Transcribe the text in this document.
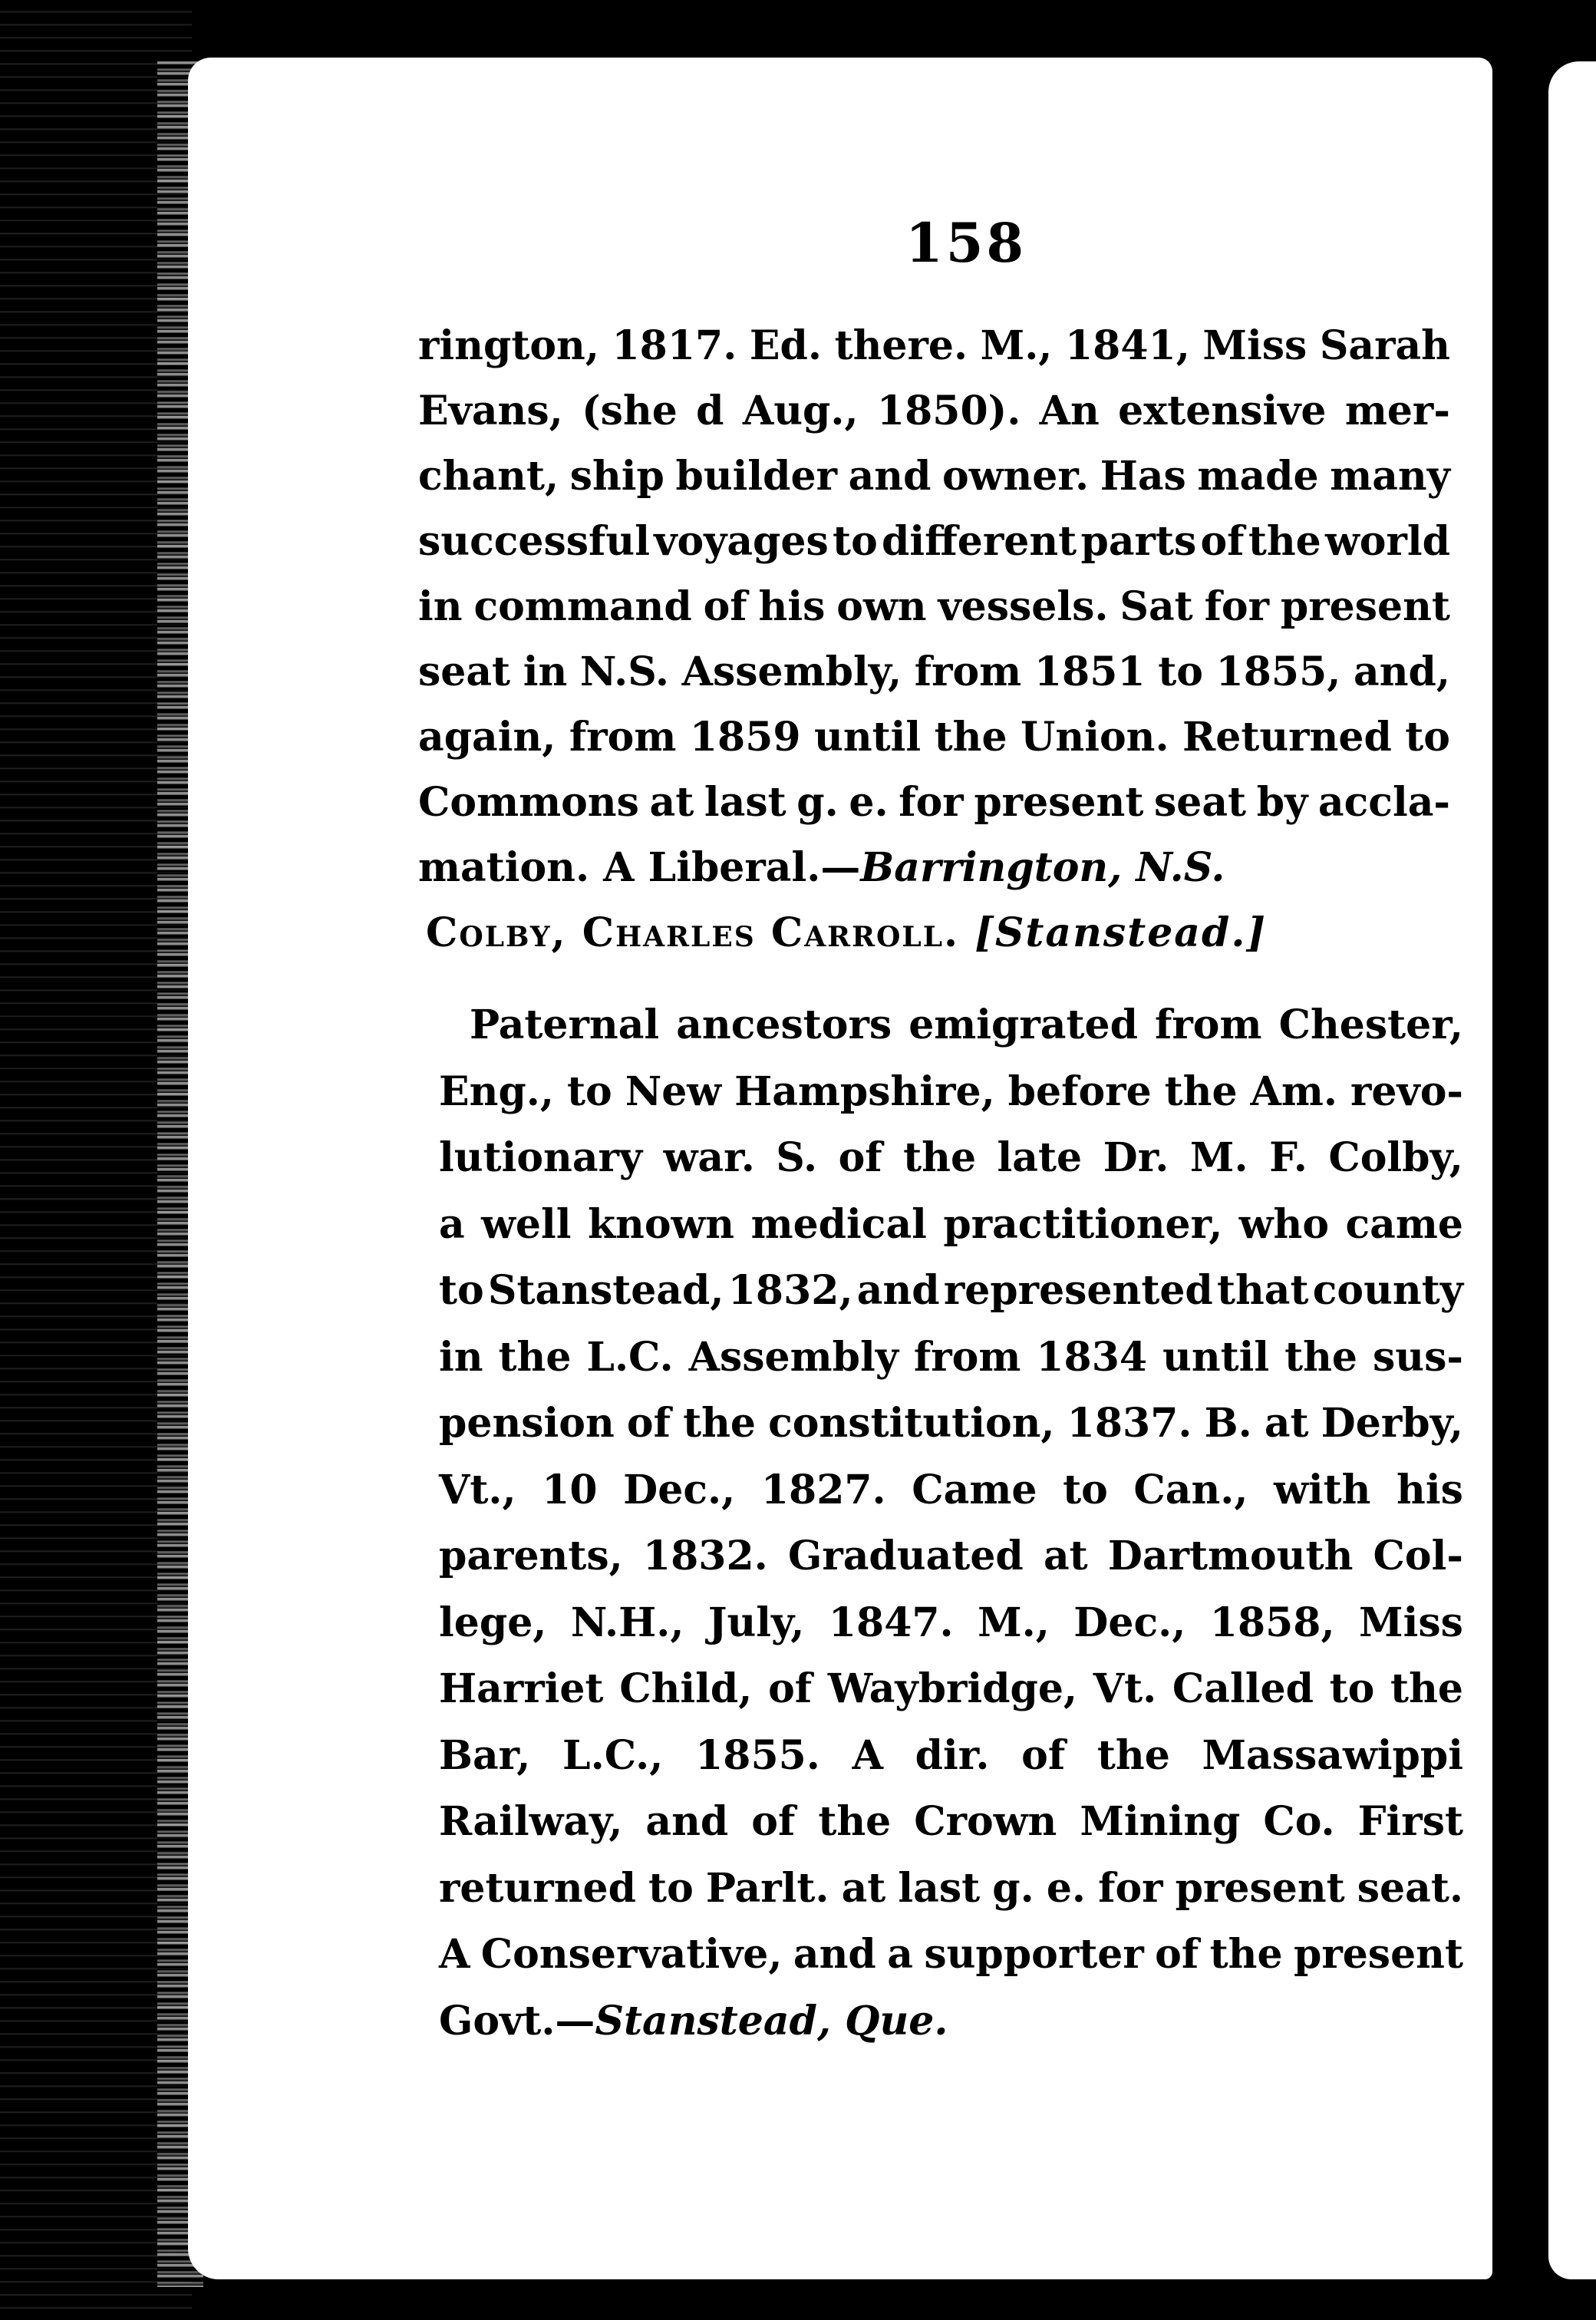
158
Colby, Charles Carroll. [Stanstead.]
rington, 1817. Ed. there. M., 1841, Miss Sarah
Evans, (she d Aug., 1850). An extensive mer-
chant, ship builder and owner. Has made many
successful voyages to different parts of the world
in command of his own vessels. Sat for present
seat in N.S. Assembly, from 1851 to 1855, and,
again, from 1859 until the Union. Returned to
Commons at last g. e. for present seat by accla-
mation. A Liberal.— Barrington, N.S.
Paternal ancestors emigrated from Chester,
Eng., to New Hampshire, before the Am. revo-
lutionary war. S. of the late Dr. M. F. Colby,
a well known medical practitioner, who came
to Stanstead, 1832, and represented that county
in the L.C. Assembly from 1834 until the sus-
pension of the constitution, 1837. B. at Derby,
Vt., 10 Dec., 1827. Came to Can., with his
parents, 1832. Graduated at Dartmouth Col-
lege, N.H., July, 1847. M., Dec., 1858, Miss
Harriet Child, of Waybridge, Vt. Called to the
Bar, L.C., 1855. A dir. of the Massawippi
Railway, and of the Crown Mining Co. First
returned to Parlt. at last g. e. for present seat.
A Conservative, and a supporter of the present
Govt.— Stanstead, Que.
